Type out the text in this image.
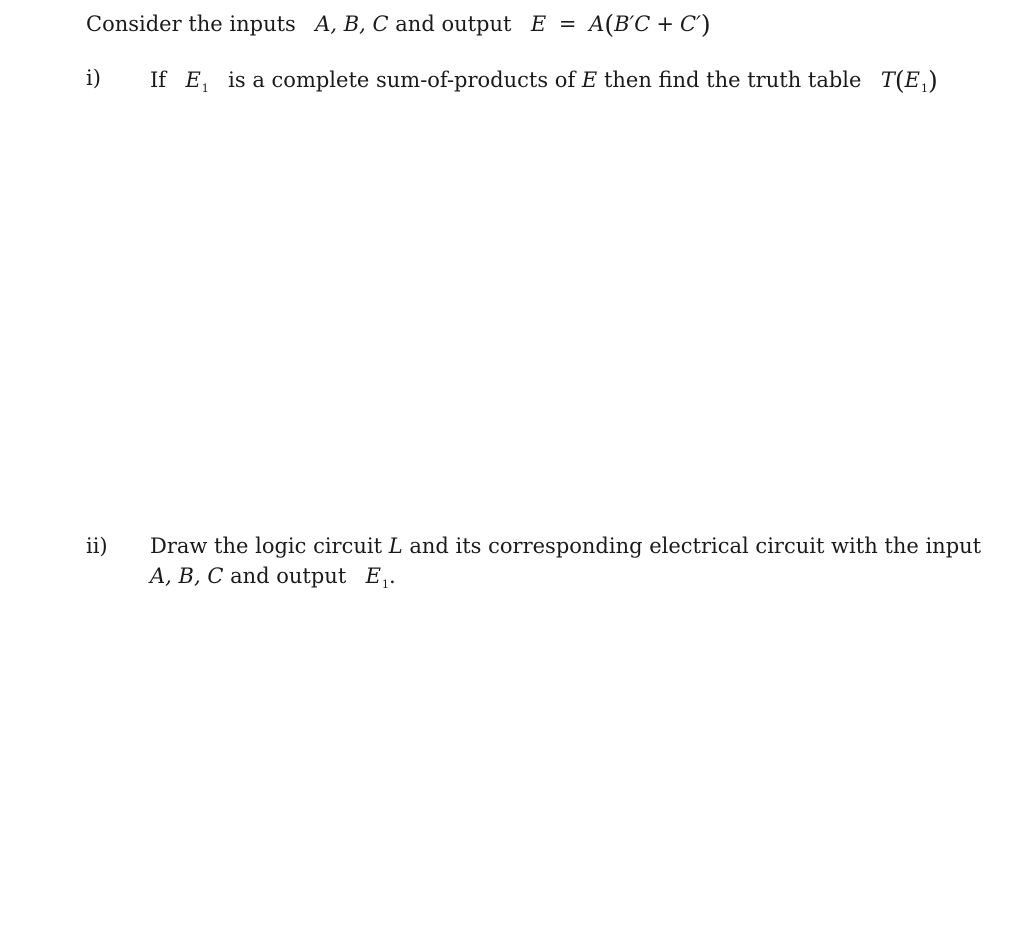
Consider the inputs A, B, C and output E = A(B′C + C′)
i) If $E_1$ is a complete sum-of-products of E then find the truth table $T(E_1)$
ii) Draw the logic circuit L and its corresponding electrical circuit with the input
A, B, C and output $E_1$.
